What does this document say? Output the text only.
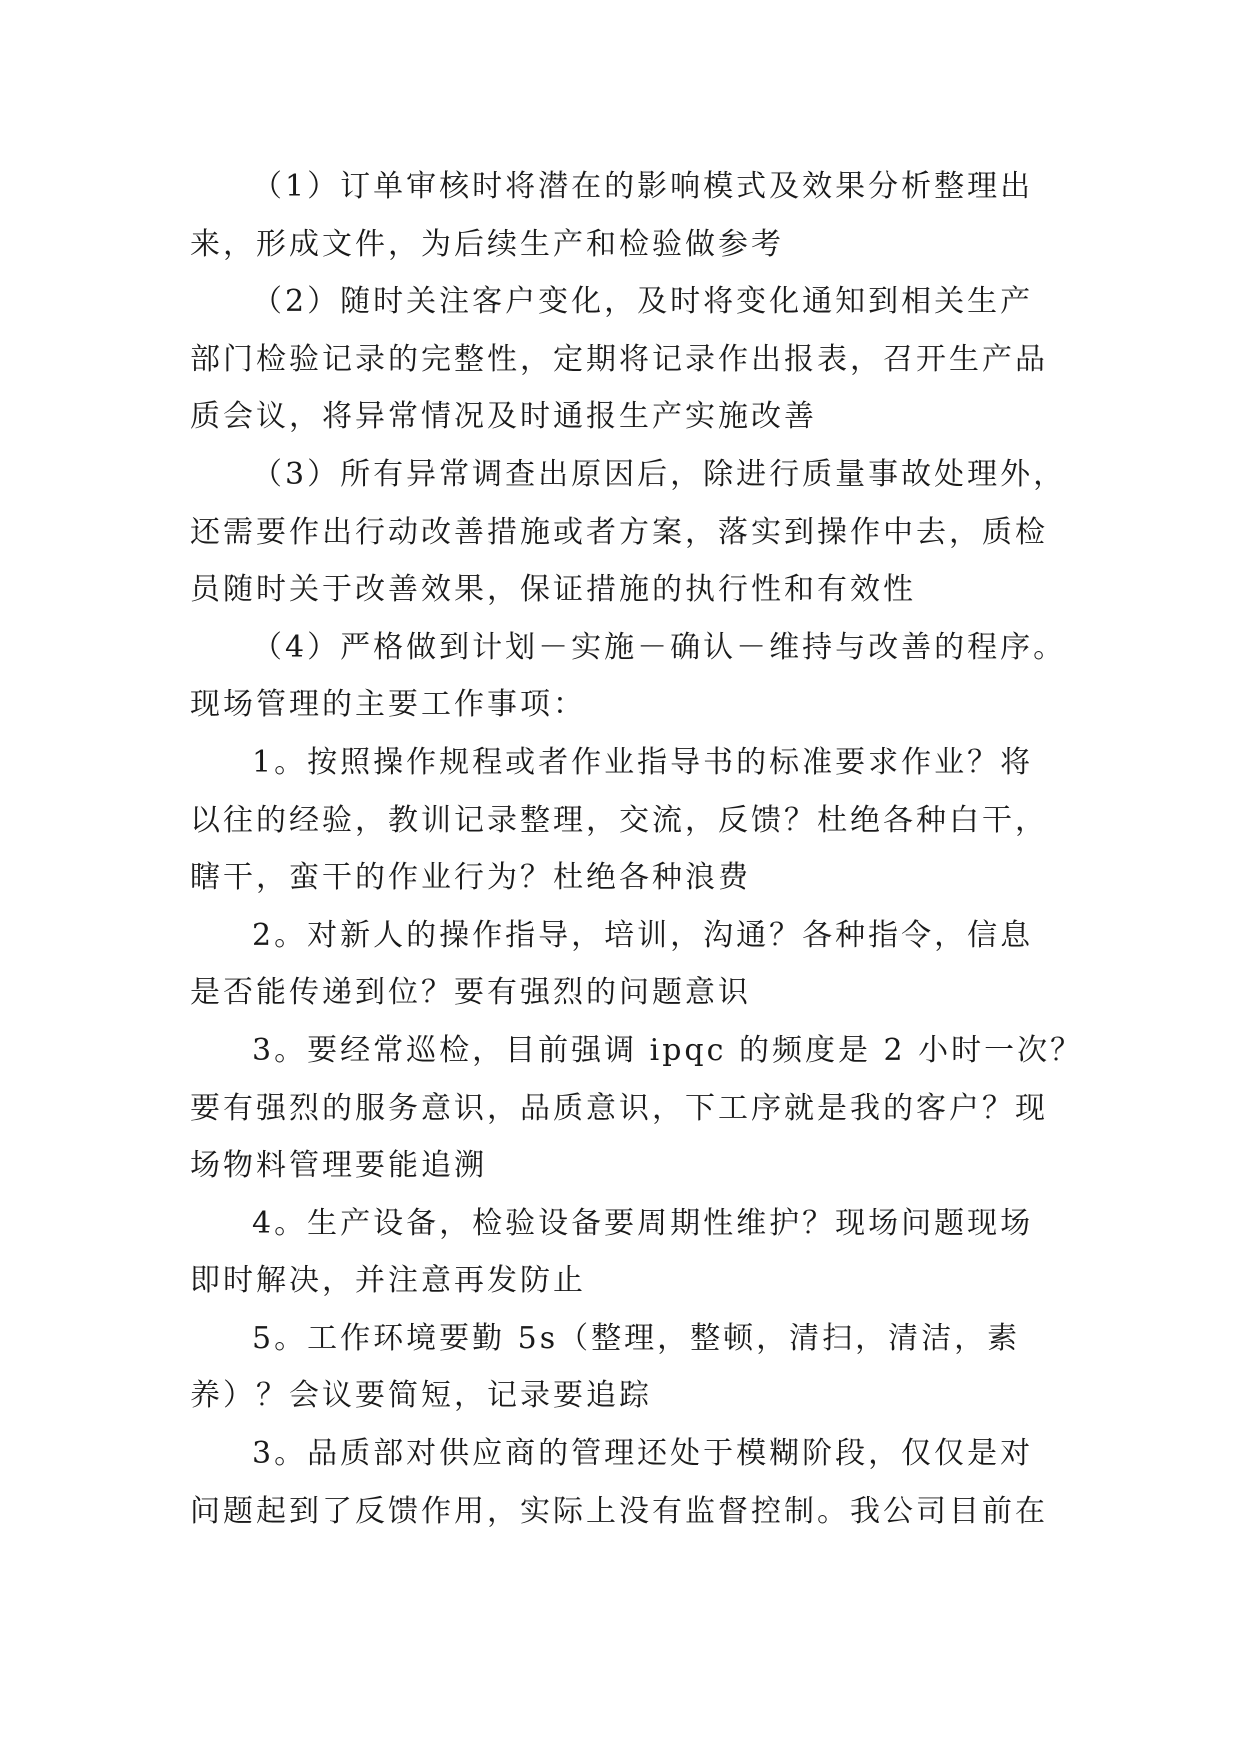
（1）订单审核时将潜在的影响模式及效果分析整理出
来，形成文件，为后续生产和检验做参考
（2）随时关注客户变化，及时将变化通知到相关生产
部门检验记录的完整性，定期将记录作出报表，召开生产品
质会议，将异常情况及时通报生产实施改善
（3）所有异常调查出原因后，除进行质量事故处理外，
还需要作出行动改善措施或者方案，落实到操作中去，质检
员随时关于改善效果，保证措施的执行性和有效性
（4）严格做到计划－实施－确认－维持与改善的程序。
现场管理的主要工作事项：
1。按照操作规程或者作业指导书的标准要求作业？将
以往的经验，教训记录整理，交流，反馈？杜绝各种白干，
瞎干，蛮干的作业行为？杜绝各种浪费
2。对新人的操作指导，培训，沟通？各种指令，信息
是否能传递到位？要有强烈的问题意识
3。要经常巡检，目前强调 ipqc 的频度是 2 小时一次？
要有强烈的服务意识，品质意识，下工序就是我的客户？现
场物料管理要能追溯
4。生产设备，检验设备要周期性维护？现场问题现场
即时解决，并注意再发防止
5。工作环境要勤 5s（整理，整顿，清扫，清洁，素
养）？会议要简短，记录要追踪
3。品质部对供应商的管理还处于模糊阶段，仅仅是对
问题起到了反馈作用，实际上没有监督控制。我公司目前在
